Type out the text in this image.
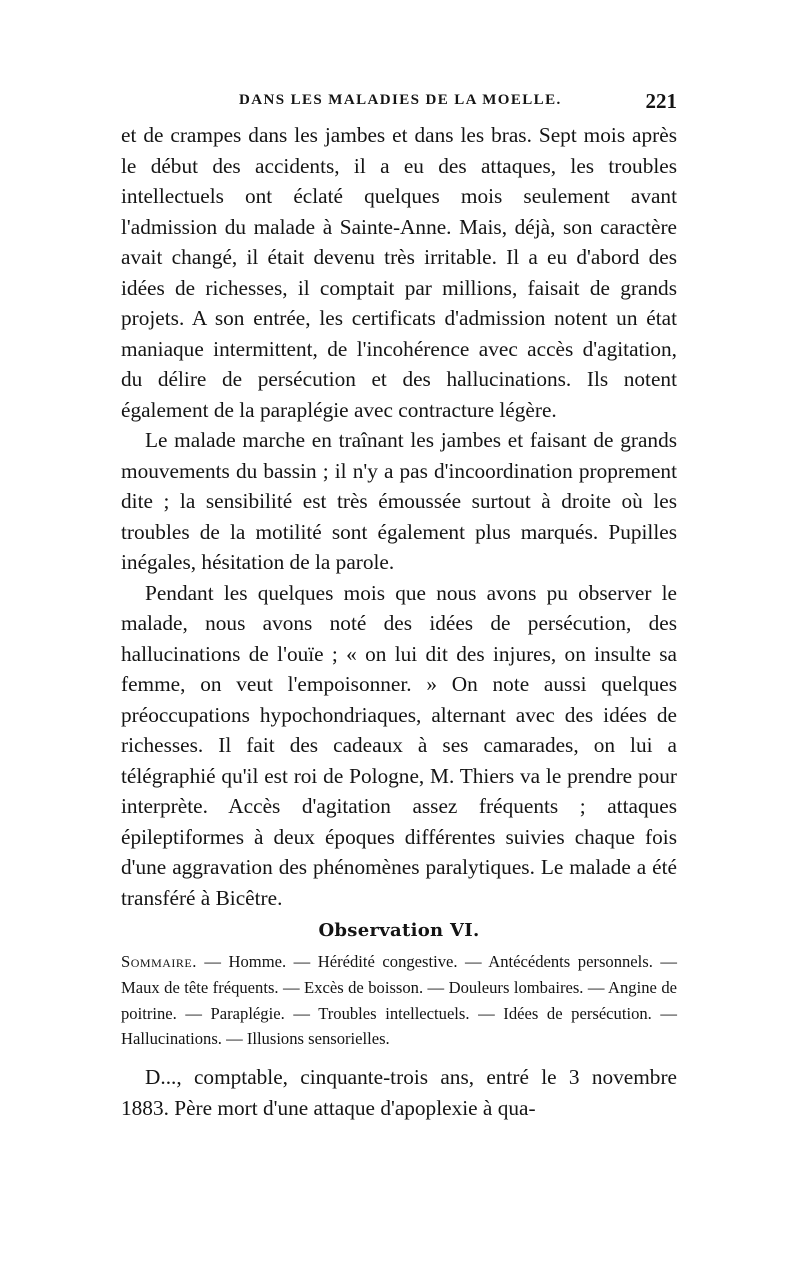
DANS LES MALADIES DE LA MOELLE.	221

et de crampes dans les jambes et dans les bras. Sept mois après le début des accidents, il a eu des attaques, les troubles intellectuels ont éclaté quelques mois seulement avant l'admission du malade à Sainte-Anne. Mais, déjà, son caractère avait changé, il était devenu très irritable. Il a eu d'abord des idées de richesses, il comptait par millions, faisait de grands projets. A son entrée, les certificats d'admission notent un état maniaque intermittent, de l'incohérence avec accès d'agitation, du délire de persécution et des hallucinations. Ils notent également de la paraplégie avec contracture légère.

Le malade marche en traînant les jambes et faisant de grands mouvements du bassin ; il n'y a pas d'incoordination proprement dite ; la sensibilité est très émoussée surtout à droite où les troubles de la motilité sont également plus marqués. Pupilles inégales, hésitation de la parole.

Pendant les quelques mois que nous avons pu observer le malade, nous avons noté des idées de persécution, des hallucinations de l'ouïe ; « on lui dit des injures, on insulte sa femme, on veut l'empoisonner. » On note aussi quelques préoccupations hypochondriaques, alternant avec des idées de richesses. Il fait des cadeaux à ses camarades, on lui a télégraphié qu'il est roi de Pologne, M. Thiers va le prendre pour interprète. Accès d'agitation assez fréquents ; attaques épileptiformes à deux époques différentes suivies chaque fois d'une aggravation des phénomènes paralytiques. Le malade a été transféré à Bicêtre.

Observation VI.

Sommaire. — Homme. — Hérédité congestive. — Antécédents personnels. — Maux de tête fréquents. — Excès de boisson. — Douleurs lombaires. — Angine de poitrine. — Paraplégie. — Troubles intellectuels. — Idées de persécution. — Hallucinations. — Illusions sensorielles.

D..., comptable, cinquante-trois ans, entré le 3 novembre 1883. Père mort d'une attaque d'apoplexie à qua-
